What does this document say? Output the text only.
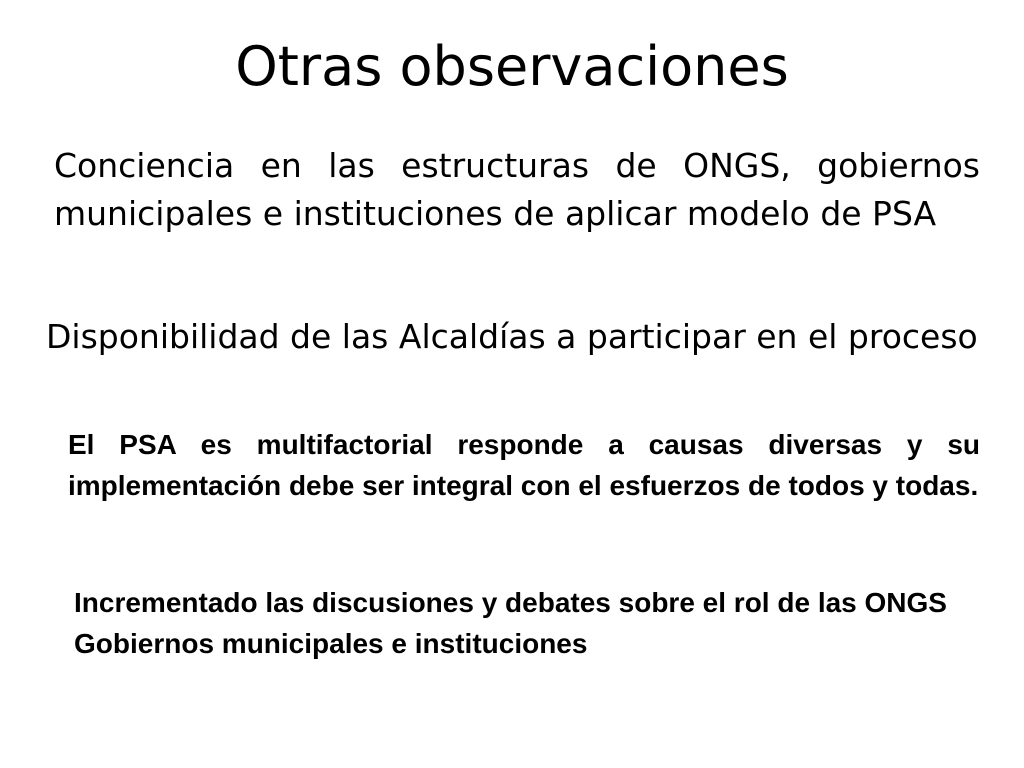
Otras observaciones

Conciencia en las estructuras de ONGS, gobiernos municipales e instituciones de aplicar modelo de PSA

Disponibilidad de las Alcaldías a participar en el proceso

El PSA es multifactorial responde a causas diversas y su implementación debe ser integral con el esfuerzos de todos y todas.

Incrementado las discusiones y debates sobre el rol de las ONGS Gobiernos municipales e instituciones
